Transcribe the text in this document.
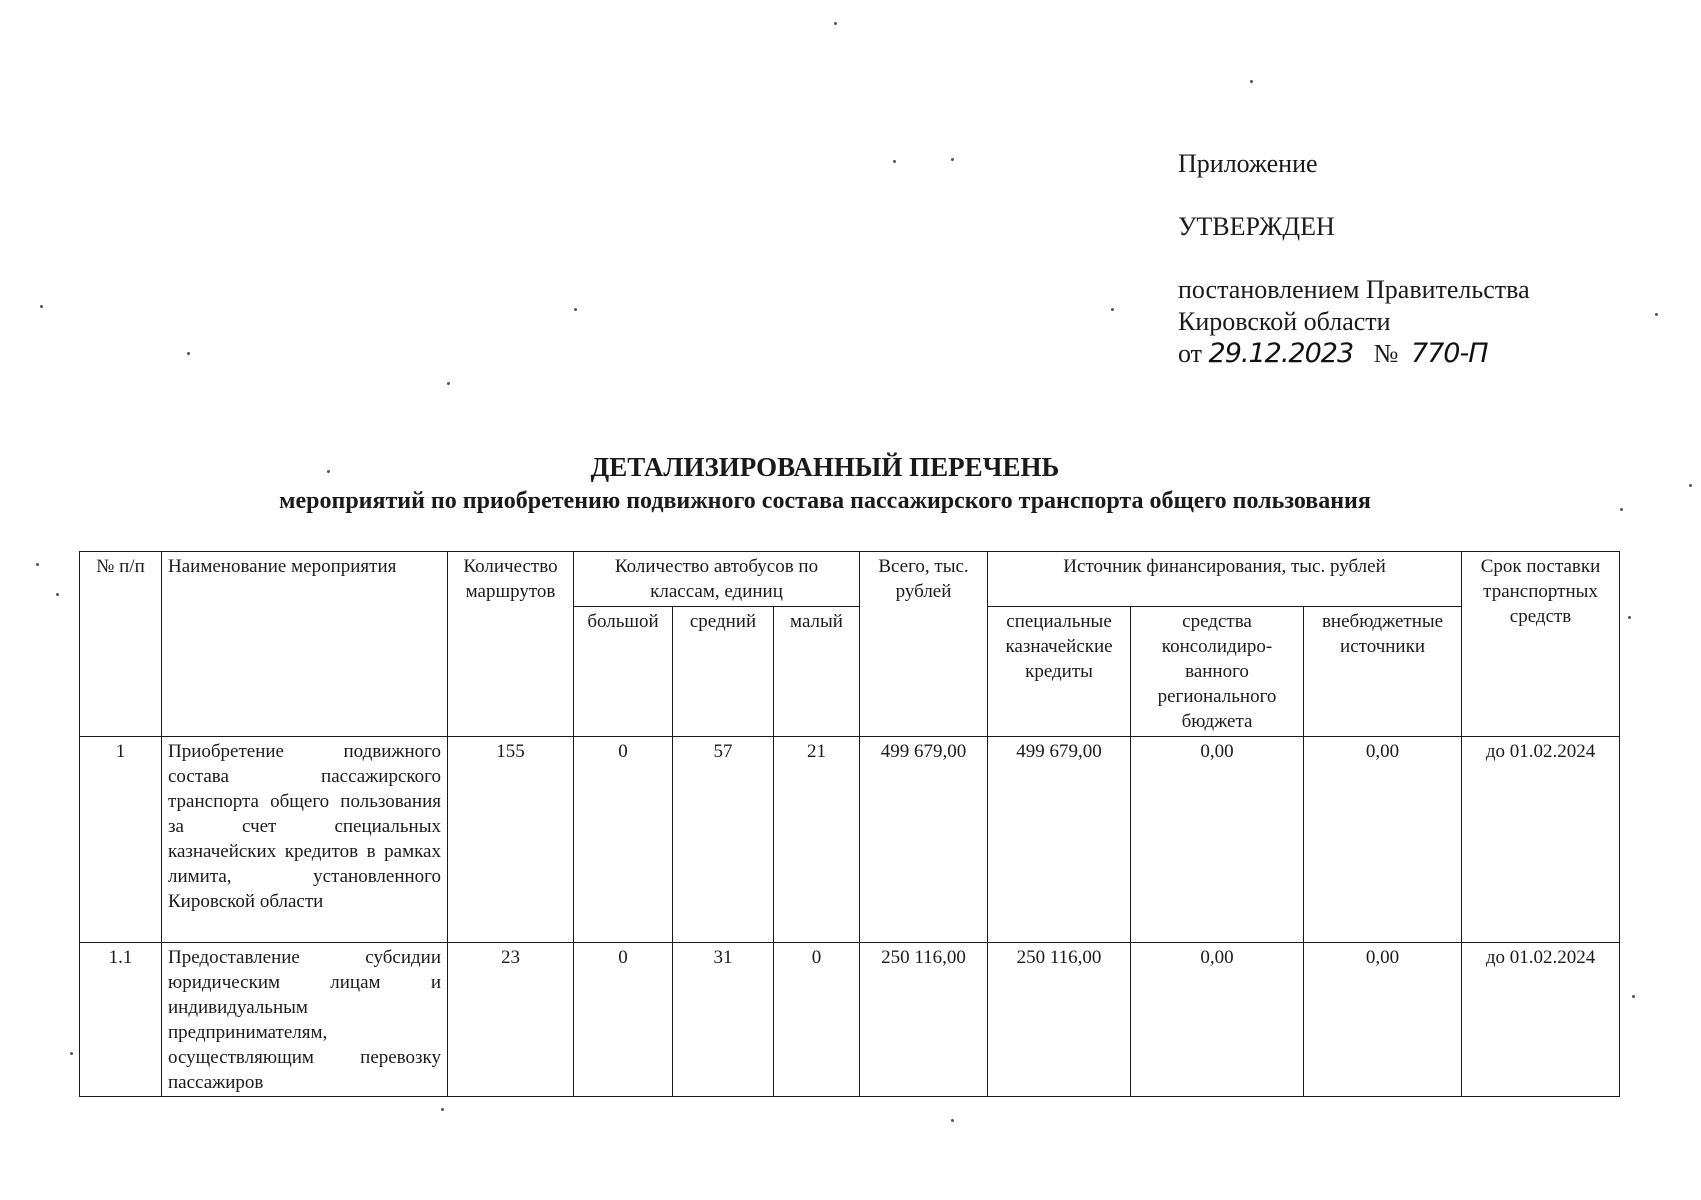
Приложение
УТВЕРЖДЕН
постановлением Правительства
Кировской области
от 29.12.2023 № 770-П
ДЕТАЛИЗИРОВАННЫЙ ПЕРЕЧЕНЬ
мероприятий по приобретению подвижного состава пассажирского транспорта общего пользования
№ п/п	Наименование мероприятия	Количество маршрутов	Количество автобусов по классам, единиц			Всего, тыс. рублей	Источник финансирования, тыс. рублей			Срок поставки транспортных средств
			большой	средний	малый		специальные казначейские кредиты	средства консолидиро-ванного регионального бюджета	внебюджетные источники	
1	Приобретение подвижного состава пассажирского транспорта общего пользования за счет специальных казначейских кредитов в рамках лимита, установленного Кировской области	155	0	57	21	499 679,00	499 679,00	0,00	0,00	до 01.02.2024
1.1	Предоставление субсидии юридическим лицам и индивидуальным предпринимателям, осуществляющим перевозку пассажиров	23	0	31	0	250 116,00	250 116,00	0,00	0,00	до 01.02.2024
